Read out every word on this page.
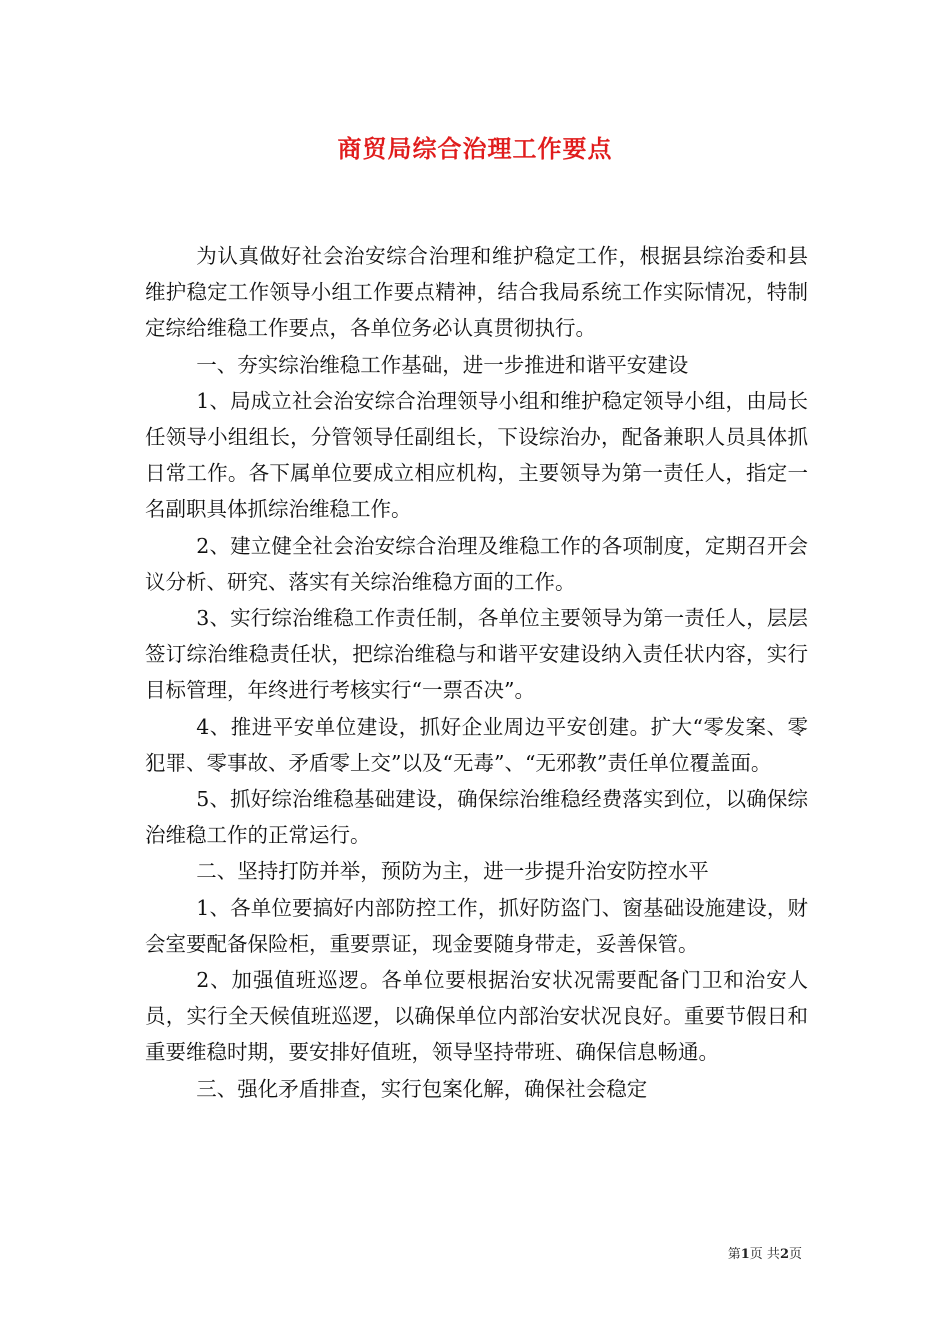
商贸局综合治理工作要点

为认真做好社会治安综合治理和维护稳定工作，根据县综治委和县维护稳定工作领导小组工作要点精神，结合我局系统工作实际情况，特制定综给维稳工作要点，各单位务必认真贯彻执行。

一、夯实综治维稳工作基础，进一步推进和谐平安建设

1、局成立社会治安综合治理领导小组和维护稳定领导小组，由局长任领导小组组长，分管领导任副组长，下设综治办，配备兼职人员具体抓日常工作。各下属单位要成立相应机构，主要领导为第一责任人，指定一名副职具体抓综治维稳工作。

2、建立健全社会治安综合治理及维稳工作的各项制度，定期召开会议分析、研究、落实有关综治维稳方面的工作。

3、实行综治维稳工作责任制，各单位主要领导为第一责任人，层层签订综治维稳责任状，把综治维稳与和谐平安建设纳入责任状内容，实行目标管理，年终进行考核实行“一票否决”。

4、推进平安单位建设，抓好企业周边平安创建。扩大“零发案、零犯罪、零事故、矛盾零上交”以及“无毒”、“无邪教”责任单位覆盖面。

5、抓好综治维稳基础建设，确保综治维稳经费落实到位，以确保综治维稳工作的正常运行。

二、坚持打防并举，预防为主，进一步提升治安防控水平

1、各单位要搞好内部防控工作，抓好防盗门、窗基础设施建设，财会室要配备保险柜，重要票证，现金要随身带走，妥善保管。

2、加强值班巡逻。各单位要根据治安状况需要配备门卫和治安人员，实行全天候值班巡逻，以确保单位内部治安状况良好。重要节假日和重要维稳时期，要安排好值班，领导坚持带班、确保信息畅通。

三、强化矛盾排查，实行包案化解，确保社会稳定

第1页 共2页
